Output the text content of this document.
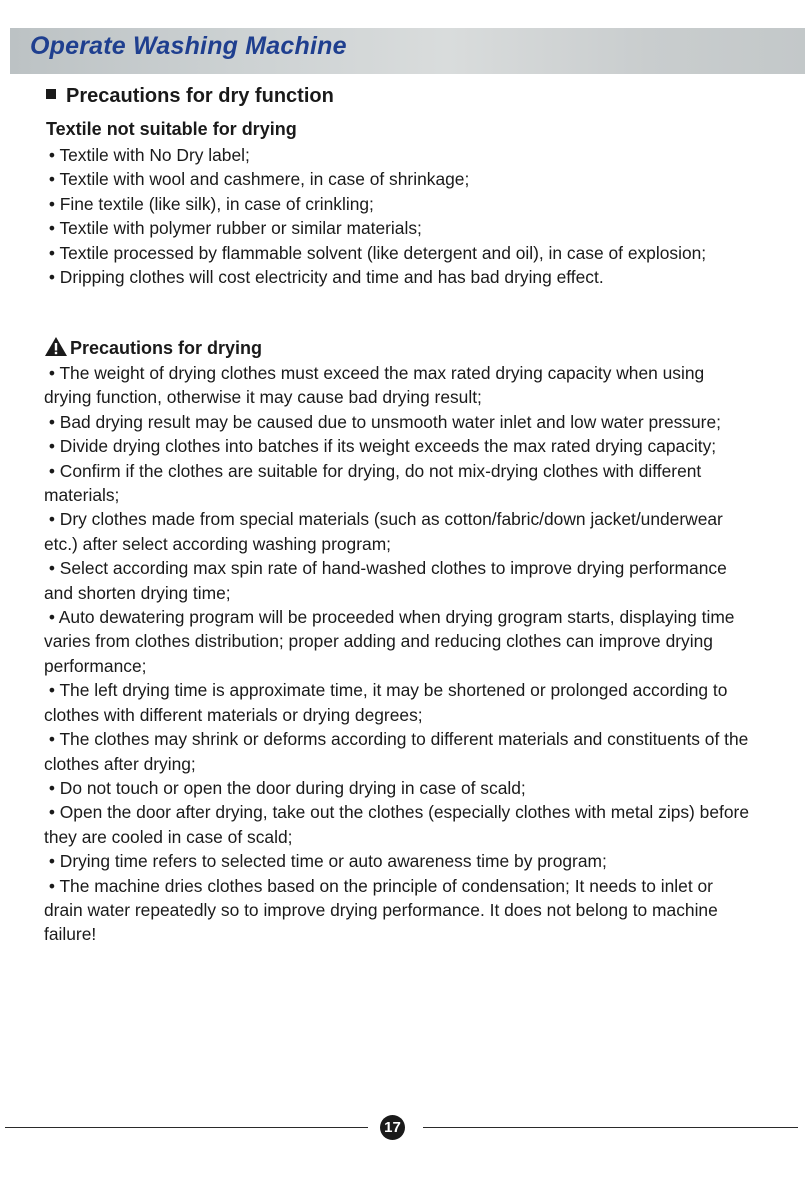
Operate Washing Machine
Precautions for dry function
Textile not suitable for drying

• Textile with No Dry label;

• Textile with wool and cashmere, in case of shrinkage;

• Fine textile (like silk), in case of crinkling;

• Textile with polymer rubber or similar materials;

• Textile processed by flammable solvent (like detergent and oil), in case of explosion;

• Dripping clothes will cost electricity and time and has bad drying effect.

Precautions for drying

• The weight of drying clothes must exceed the max rated drying capacity when using drying function, otherwise it may cause bad drying result;

• Bad drying result may be caused due to unsmooth water inlet and low water pressure;

• Divide drying clothes into batches if its weight exceeds the max rated drying capacity;

• Confirm if the clothes are suitable for drying, do not mix-drying clothes with different materials;

• Dry clothes made from special materials (such as cotton/fabric/down jacket/underwear etc.) after select according washing program;

• Select according max spin rate of hand-washed clothes to improve drying performance and shorten drying time;

• Auto dewatering program will be proceeded when drying grogram starts, displaying time varies from clothes distribution; proper adding and reducing clothes can improve drying performance;

• The left drying time is approximate time, it may be shortened or prolonged according to clothes with different materials or drying degrees;

• The clothes may shrink or deforms according to different materials and constituents of the clothes after drying;

• Do not touch or open the door during drying in case of scald;

• Open the door after drying, take out the clothes (especially clothes with metal zips) before they are cooled in case of scald;

• Drying time refers to selected time or auto awareness time by program;

• The machine dries clothes based on the principle of condensation; It needs to inlet or drain water repeatedly so to improve drying performance. It does not belong to machine failure!

17
